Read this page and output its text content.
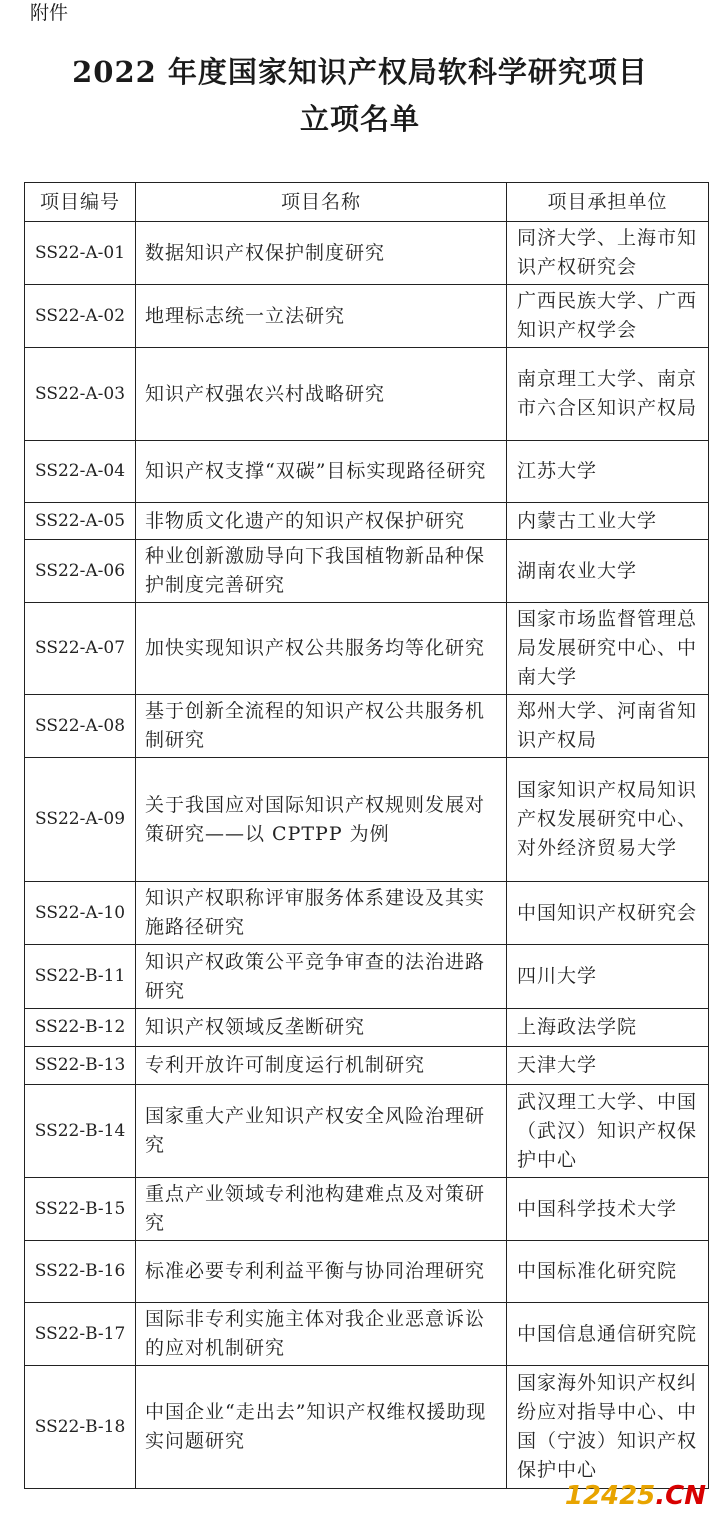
附件
2022 年度国家知识产权局软科学研究项目
立项名单
项目编号	项目名称	项目承担单位
SS22-A-01	数据知识产权保护制度研究	同济大学、上海市知识产权研究会
SS22-A-02	地理标志统一立法研究	广西民族大学、广西知识产权学会
SS22-A-03	知识产权强农兴村战略研究	南京理工大学、南京市六合区知识产权局
SS22-A-04	知识产权支撑“双碳”目标实现路径研究	江苏大学
SS22-A-05	非物质文化遗产的知识产权保护研究	内蒙古工业大学
SS22-A-06	种业创新激励导向下我国植物新品种保护制度完善研究	湖南农业大学
SS22-A-07	加快实现知识产权公共服务均等化研究	国家市场监督管理总局发展研究中心、中南大学
SS22-A-08	基于创新全流程的知识产权公共服务机制研究	郑州大学、河南省知识产权局
SS22-A-09	关于我国应对国际知识产权规则发展对策研究——以 CPTPP 为例	国家知识产权局知识产权发展研究中心、对外经济贸易大学
SS22-A-10	知识产权职称评审服务体系建设及其实施路径研究	中国知识产权研究会
SS22-B-11	知识产权政策公平竞争审查的法治进路研究	四川大学
SS22-B-12	知识产权领域反垄断研究	上海政法学院
SS22-B-13	专利开放许可制度运行机制研究	天津大学
SS22-B-14	国家重大产业知识产权安全风险治理研究	武汉理工大学、中国（武汉）知识产权保护中心
SS22-B-15	重点产业领域专利池构建难点及对策研究	中国科学技术大学
SS22-B-16	标准必要专利利益平衡与协同治理研究	中国标准化研究院
SS22-B-17	国际非专利实施主体对我企业恶意诉讼的应对机制研究	中国信息通信研究院
SS22-B-18	中国企业“走出去”知识产权维权援助现实问题研究	国家海外知识产权纠纷应对指导中心、中国（宁波）知识产权保护中心
12425.CN
